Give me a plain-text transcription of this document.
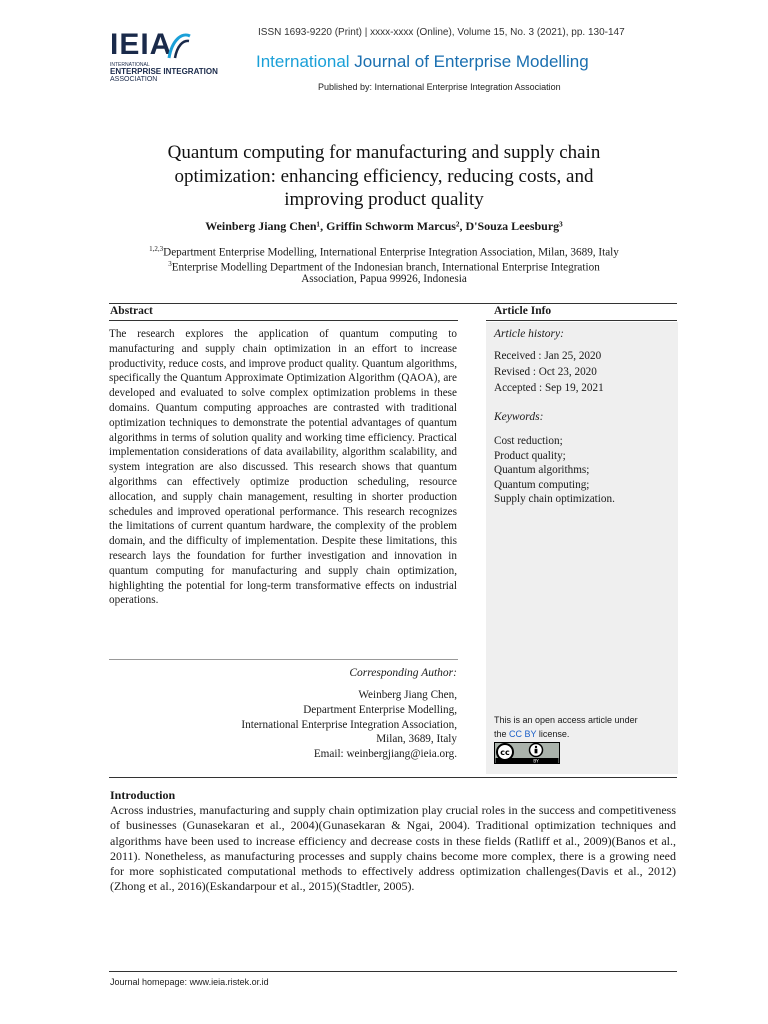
IEIA
INTERNATIONAL
ENTERPRISE INTEGRATION
ASSOCIATION
ISSN 1693-9220 (Print) | xxxx-xxxx (Online), Volume 15, No. 3 (2021), pp. 130-147
International Journal of Enterprise Modelling
Published by: International Enterprise Integration Association
Quantum computing for manufacturing and supply chain
optimization: enhancing efficiency, reducing costs, and
improving product quality
Weinberg Jiang Chen¹, Griffin Schworm Marcus², D'Souza Leesburg³
$^{1,2,3}$Department Enterprise Modelling, International Enterprise Integration Association, Milan, 3689, Italy
$^3$Enterprise Modelling Department of the Indonesian branch, International Enterprise Integration
Association, Papua 99926, Indonesia
Abstract	Article Info
The research explores the application of quantum computing to manufacturing and supply chain optimization in an effort to increase productivity, reduce costs, and improve product quality. Quantum algorithms, specifically the Quantum Approximate Optimization Algorithm (QAOA), are developed and evaluated to solve complex optimization problems in these domains. Quantum computing approaches are contrasted with traditional optimization techniques to demonstrate the potential advantages of quantum algorithms in terms of solution quality and working time efficiency. Practical implementation considerations of data availability, algorithm scalability, and system integration are also discussed. This research shows that quantum algorithms can effectively optimize production scheduling, resource allocation, and supply chain management, resulting in shorter production schedules and improved operational performance. This research recognizes the limitations of current quantum hardware, the complexity of the problem domain, and the difficulty of implementation. Despite these limitations, this research lays the foundation for further investigation and innovation in quantum computing for manufacturing and supply chain optimization, highlighting the potential for long-term transformative effects on industrial operations.
Article history:
Received : Jan 25, 2020
Revised : Oct 23, 2020
Accepted : Sep 19, 2021
Keywords:
Cost reduction;
Product quality;
Quantum algorithms;
Quantum computing;
Supply chain optimization.
Corresponding Author:
Weinberg Jiang Chen,
Department Enterprise Modelling,
International Enterprise Integration Association,
Milan, 3689, Italy
Email: weinbergjiang@ieia.org.
This is an open access article under
the CC BY license.
cc
BY
Introduction
Across industries, manufacturing and supply chain optimization play crucial roles in the success and competitiveness of businesses (Gunasekaran et al., 2004)(Gunasekaran & Ngai, 2004). Traditional optimization techniques and algorithms have been used to increase efficiency and decrease costs in these fields (Ratliff et al., 2009)(Banos et al., 2011). Nonetheless, as manufacturing processes and supply chains become more complex, there is a growing need for more sophisticated computational methods to effectively address optimization challenges(Davis et al., 2012)(Zhong et al., 2016)(Eskandarpour et al., 2015)(Stadtler, 2005).
Journal homepage: www.ieia.ristek.or.id
